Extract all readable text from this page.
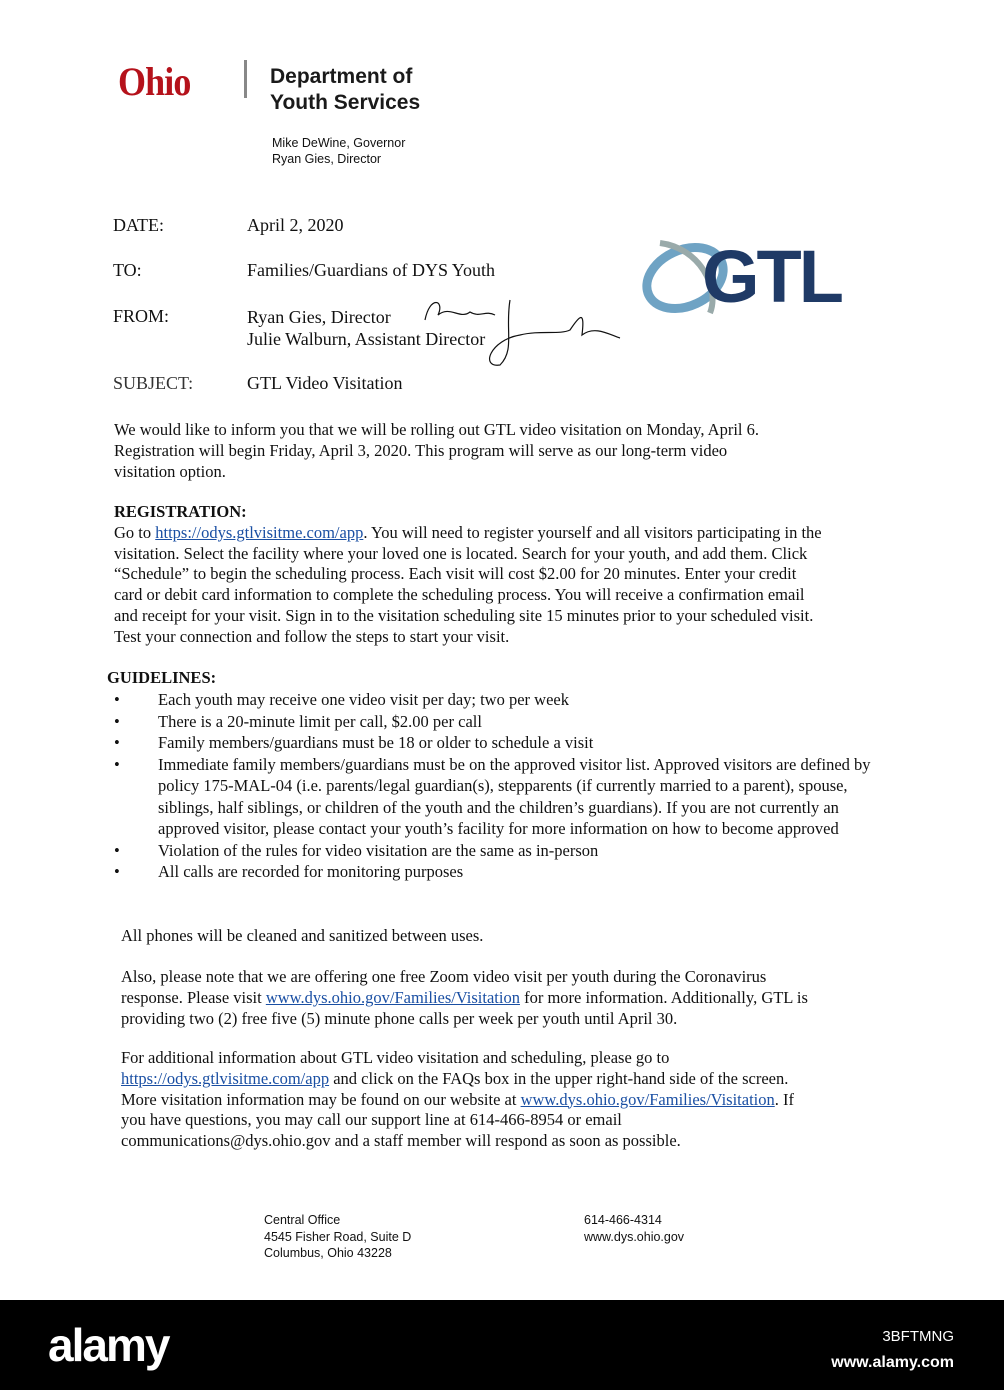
Ohio	Department of
Youth Services
Mike DeWine, Governor
Ryan Gies, Director
DATE:	April 2, 2020
TO:	Families/Guardians of DYS Youth
FROM:	Ryan Gies, Director
Julie Walburn, Assistant Director
SUBJECT:	GTL Video Visitation
GTL
We would like to inform you that we will be rolling out GTL video visitation on Monday, April 6.
Registration will begin Friday, April 3, 2020. This program will serve as our long-term video
visitation option.
REGISTRATION:
Go to https://odys.gtlvisitme.com/app. You will need to register yourself and all visitors participating in the
visitation. Select the facility where your loved one is located. Search for your youth, and add them. Click
“Schedule” to begin the scheduling process. Each visit will cost $2.00 for 20 minutes. Enter your credit
card or debit card information to complete the scheduling process. You will receive a confirmation email
and receipt for your visit. Sign in to the visitation scheduling site 15 minutes prior to your scheduled visit.
Test your connection and follow the steps to start your visit.
GUIDELINES:
• Each youth may receive one video visit per day; two per week
• There is a 20-minute limit per call, $2.00 per call
• Family members/guardians must be 18 or older to schedule a visit
• Immediate family members/guardians must be on the approved visitor list. Approved visitors are defined by policy 175-MAL-04 (i.e. parents/legal guardian(s), stepparents (if currently married to a parent), spouse, siblings, half siblings, or children of the youth and the children’s guardians). If you are not currently an approved visitor, please contact your youth’s facility for more information on how to become approved
• Violation of the rules for video visitation are the same as in-person
• All calls are recorded for monitoring purposes
All phones will be cleaned and sanitized between uses.
Also, please note that we are offering one free Zoom video visit per youth during the Coronavirus
response. Please visit www.dys.ohio.gov/Families/Visitation for more information. Additionally, GTL is
providing two (2) free five (5) minute phone calls per week per youth until April 30.
For additional information about GTL video visitation and scheduling, please go to
https://odys.gtlvisitme.com/app and click on the FAQs box in the upper right-hand side of the screen.
More visitation information may be found on our website at www.dys.ohio.gov/Families/Visitation. If
you have questions, you may call our support line at 614-466-8954 or email
communications@dys.ohio.gov and a staff member will respond as soon as possible.
Central Office
4545 Fisher Road, Suite D
Columbus, Ohio 43228
614-466-4314
www.dys.ohio.gov
alamy	3BFTMNG
www.alamy.com
